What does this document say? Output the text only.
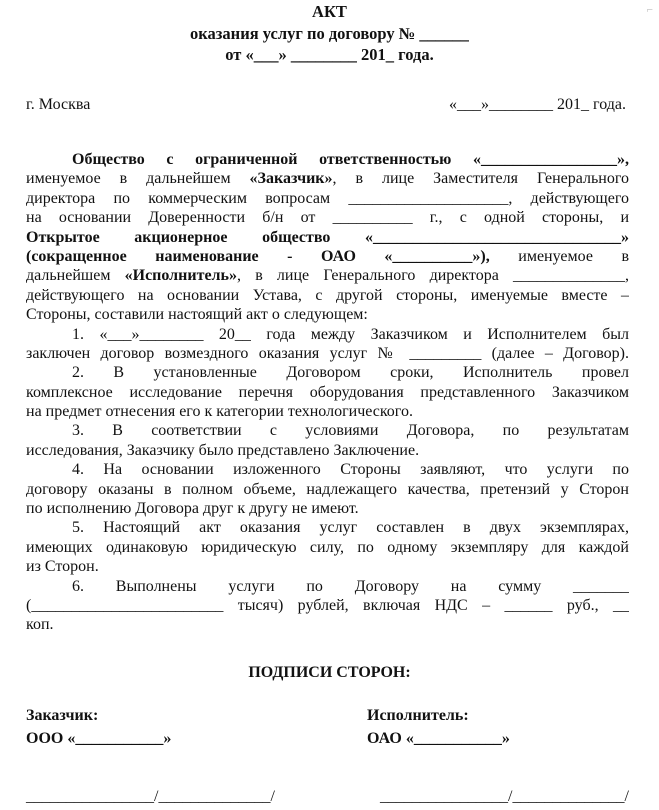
⌐
АКТ
оказания услуг по договору № ______
от «___» ________ 201_ года.
г. Москва	«___»________ 201_ года.
Общество с ограниченной ответственностью «_________________»,
именуемое в дальнейшем «Заказчик», в лице Заместителя Генерального
директора по коммерческим вопросам ____________________, действующего
на основании Доверенности б/н от __________ г., с одной стороны, и
Открытое акционерное общество «_______________________________»
(сокращенное наименование - ОАО «__________»), именуемое в
дальнейшем «Исполнитель», в лице Генерального директора ______________,
действующего на основании Устава, с другой стороны, именуемые вместе –
Стороны, составили настоящий акт о следующем:
1. «___»________ 20__ года между Заказчиком и Исполнителем был
заключен договор возмездного оказания услуг № _________ (далее – Договор).
2. В установленные Договором сроки, Исполнитель провел
комплексное исследование перечня оборудования представленного Заказчиком
на предмет отнесения его к категории технологического.
3. В соответствии с условиями Договора, по результатам
исследования, Заказчику было представлено Заключение.
4. На основании изложенного Стороны заявляют, что услуги по
договору оказаны в полном объеме, надлежащего качества, претензий у Сторон
по исполнению Договора друг к другу не имеют.
5. Настоящий акт оказания услуг составлен в двух экземплярах,
имеющих одинаковую юридическую силу, по одному экземпляру для каждой
из Сторон.
6. Выполнены услуги по Договору на сумму _______
(________________________ тысяч) рублей, включая НДС – ______ руб., __
коп.
ПОДПИСИ СТОРОН:
Заказчик:
ООО «___________»
Исполнитель:
ОАО «___________»
________________/______________/	________________/______________/
